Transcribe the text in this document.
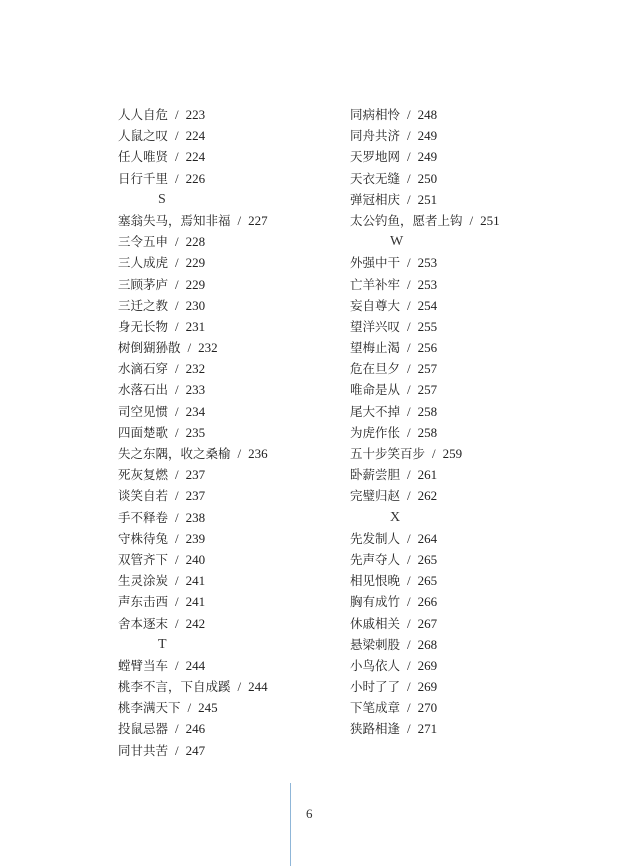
人人自危 / 223
人鼠之叹 / 224
任人唯贤 / 224
日行千里 / 226
S
塞翁失马，焉知非福 / 227
三令五申 / 228
三人成虎 / 229
三顾茅庐 / 229
三迁之教 / 230
身无长物 / 231
树倒猢狲散 / 232
水滴石穿 / 232
水落石出 / 233
司空见惯 / 234
四面楚歌 / 235
失之东隅，收之桑榆 / 236
死灰复燃 / 237
谈笑自若 / 237
手不释卷 / 238
守株待兔 / 239
双管齐下 / 240
生灵涂炭 / 241
声东击西 / 241
舍本逐末 / 242
T
螳臂当车 / 244
桃李不言，下自成蹊 / 244
桃李满天下 / 245
投鼠忌器 / 246
同甘共苦 / 247
同病相怜 / 248
同舟共济 / 249
天罗地网 / 249
天衣无缝 / 250
弹冠相庆 / 251
太公钓鱼，愿者上钩 / 251
W
外强中干 / 253
亡羊补牢 / 253
妄自尊大 / 254
望洋兴叹 / 255
望梅止渴 / 256
危在旦夕 / 257
唯命是从 / 257
尾大不掉 / 258
为虎作伥 / 258
五十步笑百步 / 259
卧薪尝胆 / 261
完璧归赵 / 262
X
先发制人 / 264
先声夺人 / 265
相见恨晚 / 265
胸有成竹 / 266
休戚相关 / 267
悬梁刺股 / 268
小鸟依人 / 269
小时了了 / 269
下笔成章 / 270
狭路相逢 / 271
6
